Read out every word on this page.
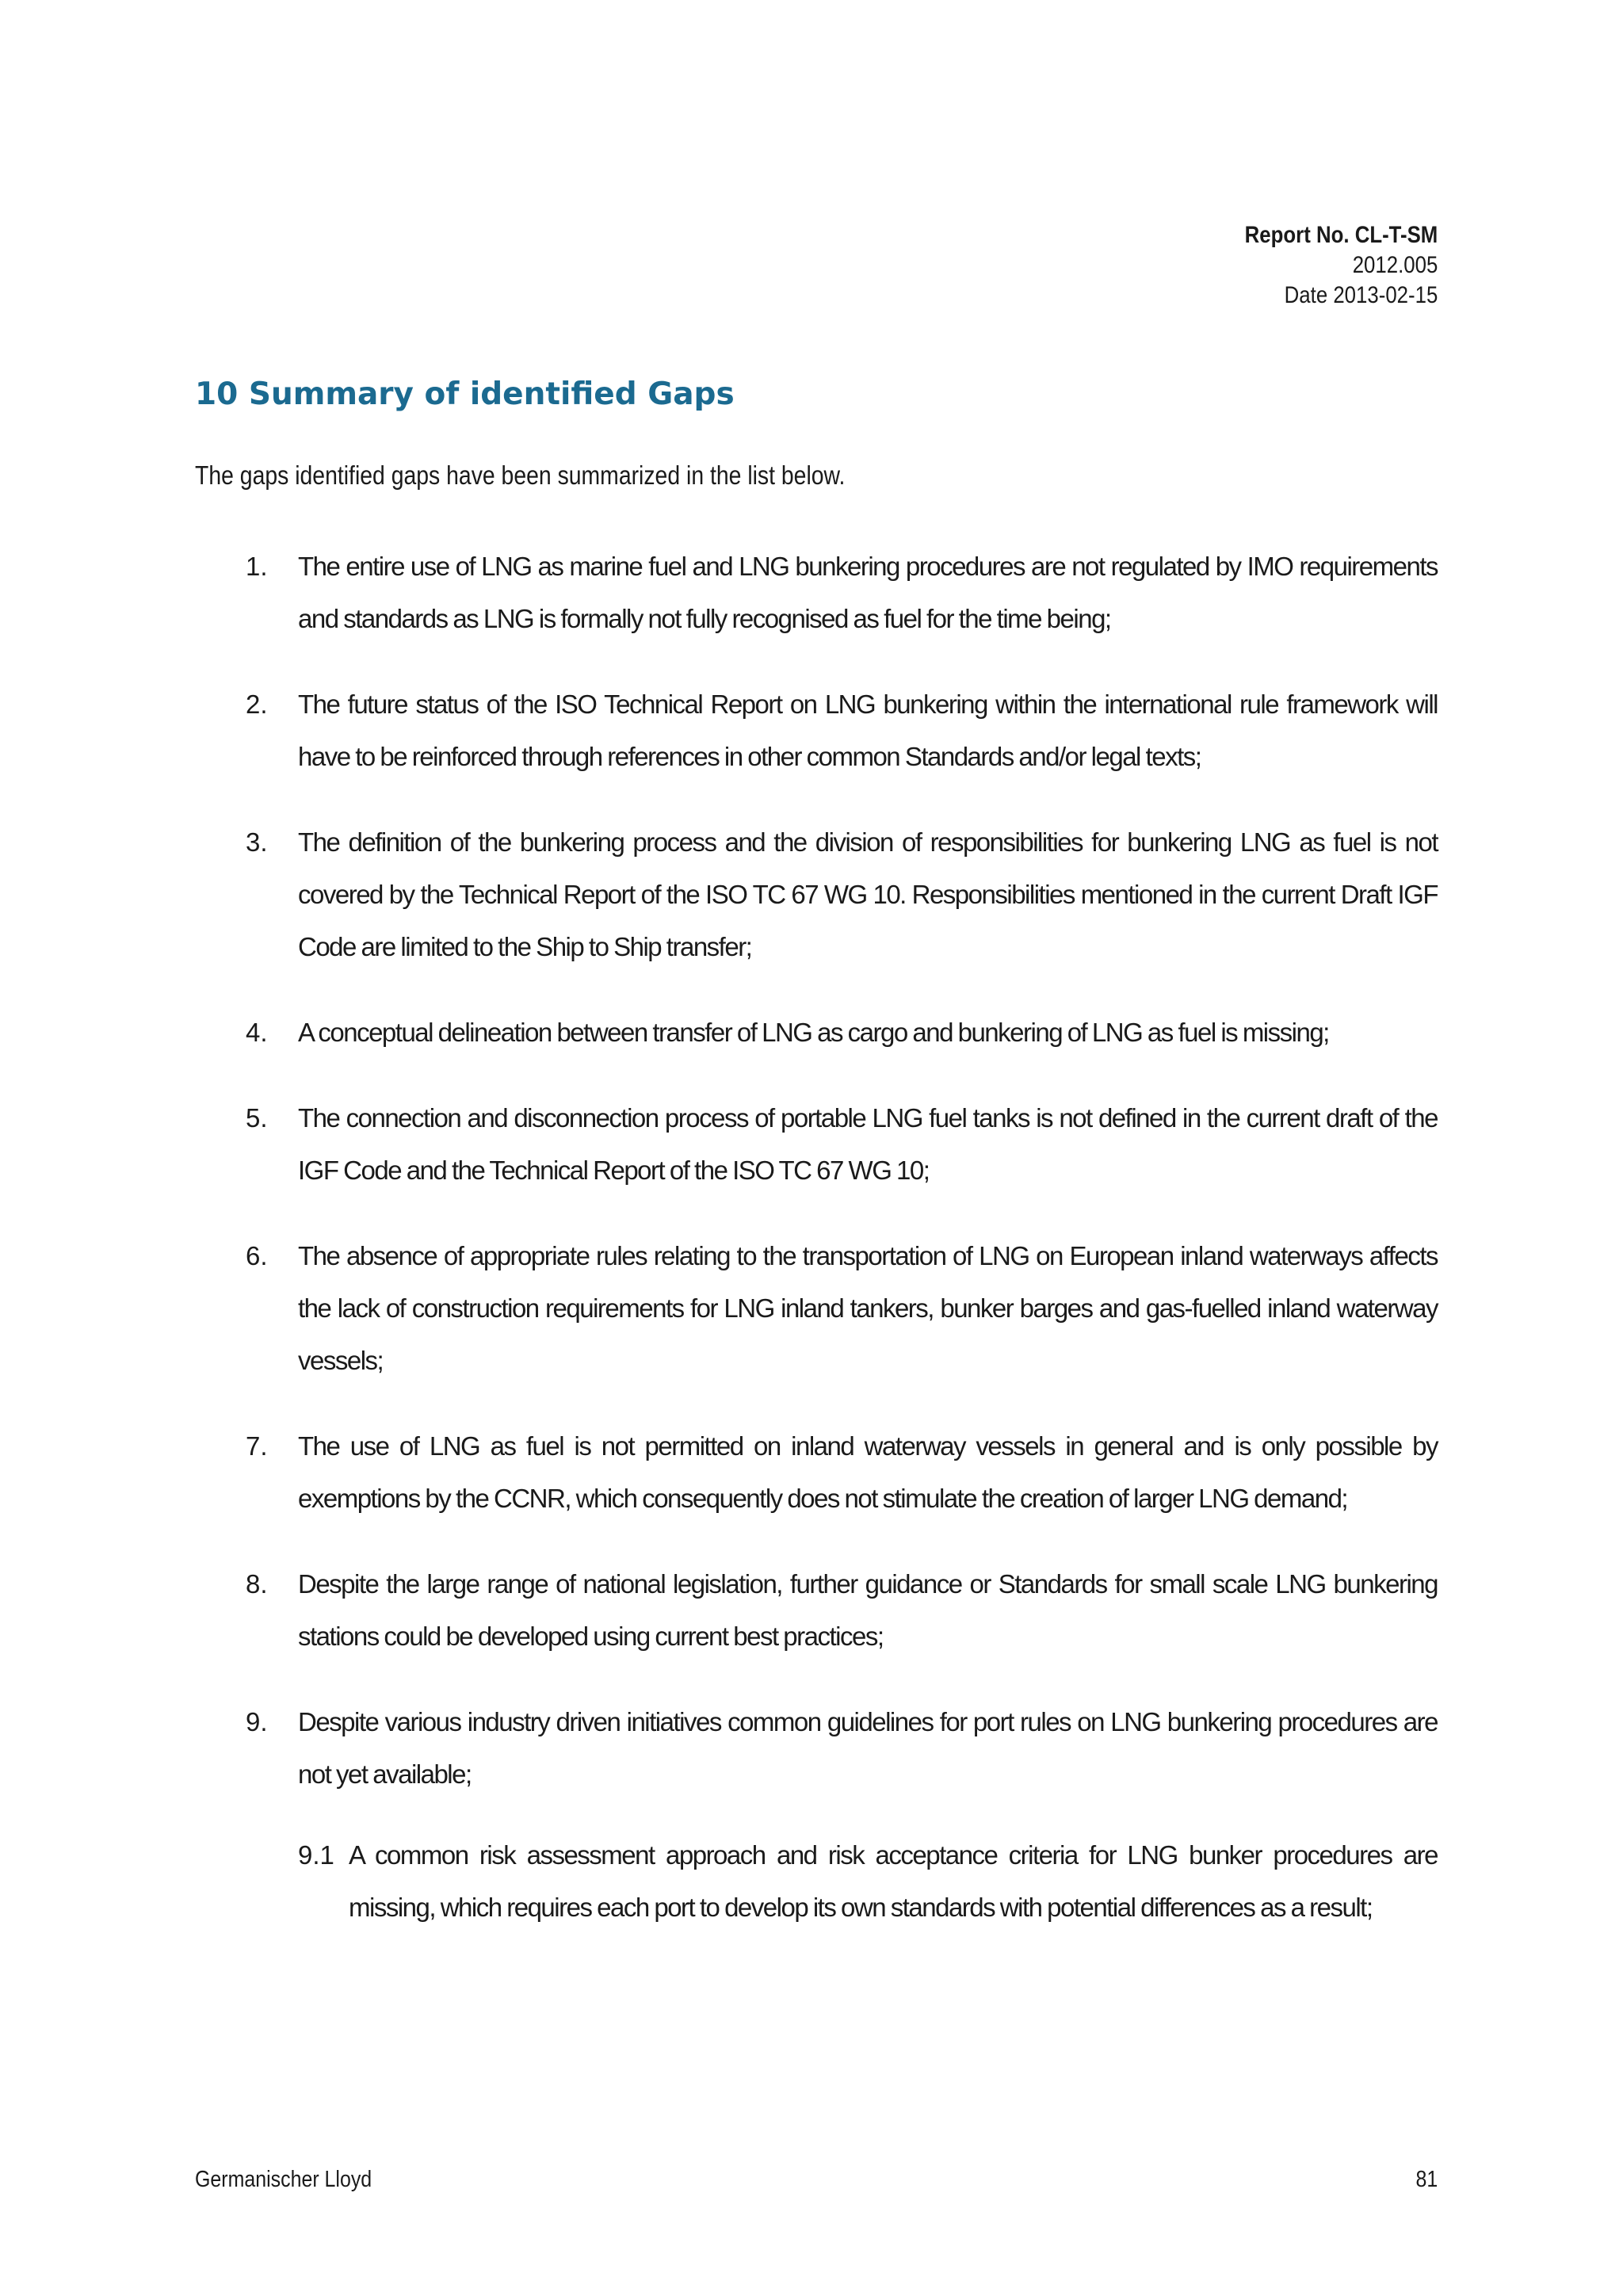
Report No. CL-T-SM
2012.005
Date 2013-02-15
10 Summary of identified Gaps

The gaps identified gaps have been summarized in the list below.

1.	The entire use of LNG as marine fuel and LNG bunkering procedures are not regulated by IMO requirements and standards as LNG is formally not fully recognised as fuel for the time being;
2.	The future status of the ISO Technical Report on LNG bunkering within the international rule framework will have to be reinforced through references in other common Standards and/or legal texts;
3.	The definition of the bunkering process and the division of responsibilities for bunkering LNG as fuel is not covered by the Technical Report of the ISO TC 67 WG 10. Responsibilities mentioned in the current Draft IGF Code are limited to the Ship to Ship transfer;
4.	A conceptual delineation between transfer of LNG as cargo and bunkering of LNG as fuel is missing;
5.	The connection and disconnection process of portable LNG fuel tanks is not defined in the current draft of the IGF Code and the Technical Report of the ISO TC 67 WG 10;
6.	The absence of appropriate rules relating to the transportation of LNG on European inland waterways affects the lack of construction requirements for LNG inland tankers, bunker barges and gas-fuelled inland waterway vessels;
7.	The use of LNG as fuel is not permitted on inland waterway vessels in general and is only possible by exemptions by the CCNR, which consequently does not stimulate the creation of larger LNG demand;
8.	Despite the large range of national legislation, further guidance or Standards for small scale LNG bunkering stations could be developed using current best practices;
9.	Despite various industry driven initiatives common guidelines for port rules on LNG bunkering procedures are not yet available;
9.1 A common risk assessment approach and risk acceptance criteria for LNG bunker procedures are missing, which requires each port to develop its own standards with potential differences as a result;
Germanischer Lloyd	81
